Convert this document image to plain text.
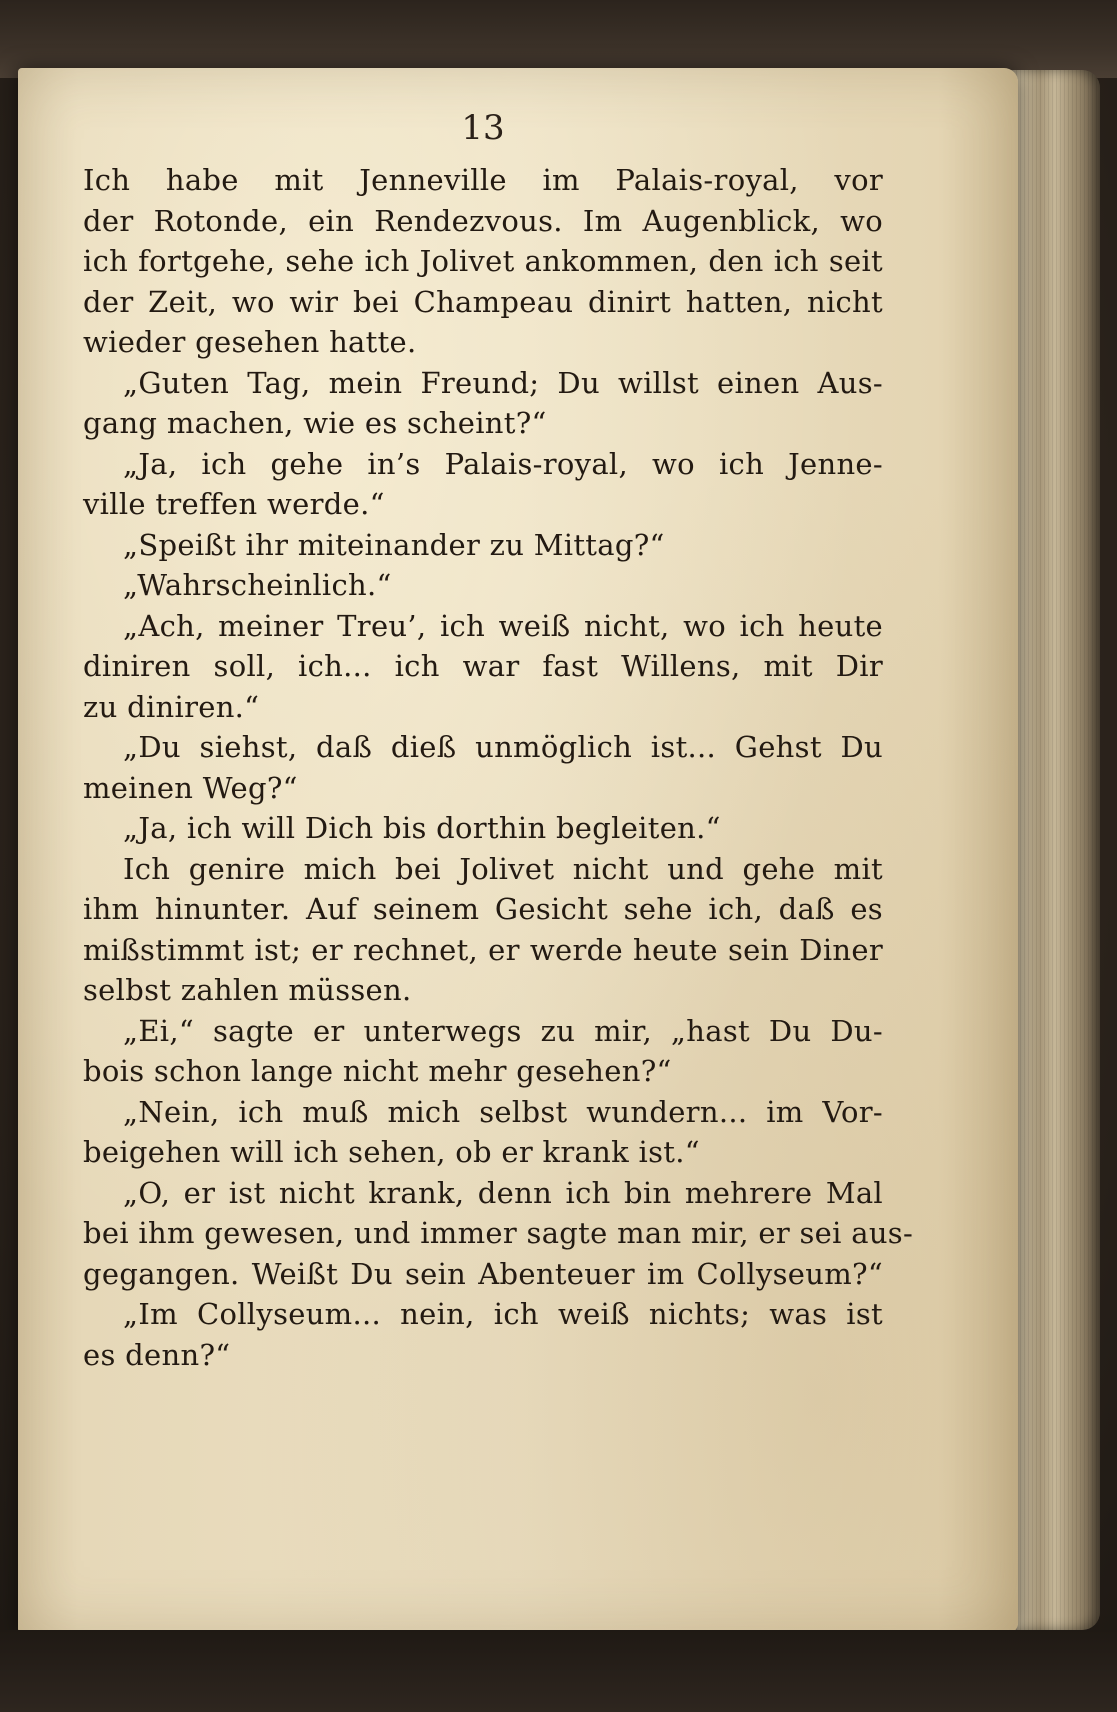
13
Ich habe mit Jenneville im Palais-royal, vor
der Rotonde, ein Rendezvous. Im Augenblick, wo
ich fortgehe, sehe ich Jolivet ankommen, den ich seit
der Zeit, wo wir bei Champeau dinirt hatten, nicht
wieder gesehen hatte.
„Guten Tag, mein Freund; Du willst einen Aus-
gang machen, wie es scheint?“
„Ja, ich gehe in’s Palais-royal, wo ich Jenne-
ville treffen werde.“
„Speißt ihr miteinander zu Mittag?“
„Wahrscheinlich.“
„Ach, meiner Treu’, ich weiß nicht, wo ich heute
diniren soll, ich... ich war fast Willens, mit Dir
zu diniren.“
„Du siehst, daß dieß unmöglich ist... Gehst Du
meinen Weg?“
„Ja, ich will Dich bis dorthin begleiten.“
Ich genire mich bei Jolivet nicht und gehe mit
ihm hinunter. Auf seinem Gesicht sehe ich, daß es
mißstimmt ist; er rechnet, er werde heute sein Diner
selbst zahlen müssen.
„Ei,“ sagte er unterwegs zu mir, „hast Du Du-
bois schon lange nicht mehr gesehen?“
„Nein, ich muß mich selbst wundern... im Vor-
beigehen will ich sehen, ob er krank ist.“
„O, er ist nicht krank, denn ich bin mehrere Mal
bei ihm gewesen, und immer sagte man mir, er sei aus-
gegangen. Weißt Du sein Abenteuer im Collyseum?“
„Im Collyseum... nein, ich weiß nichts; was ist
es denn?“
